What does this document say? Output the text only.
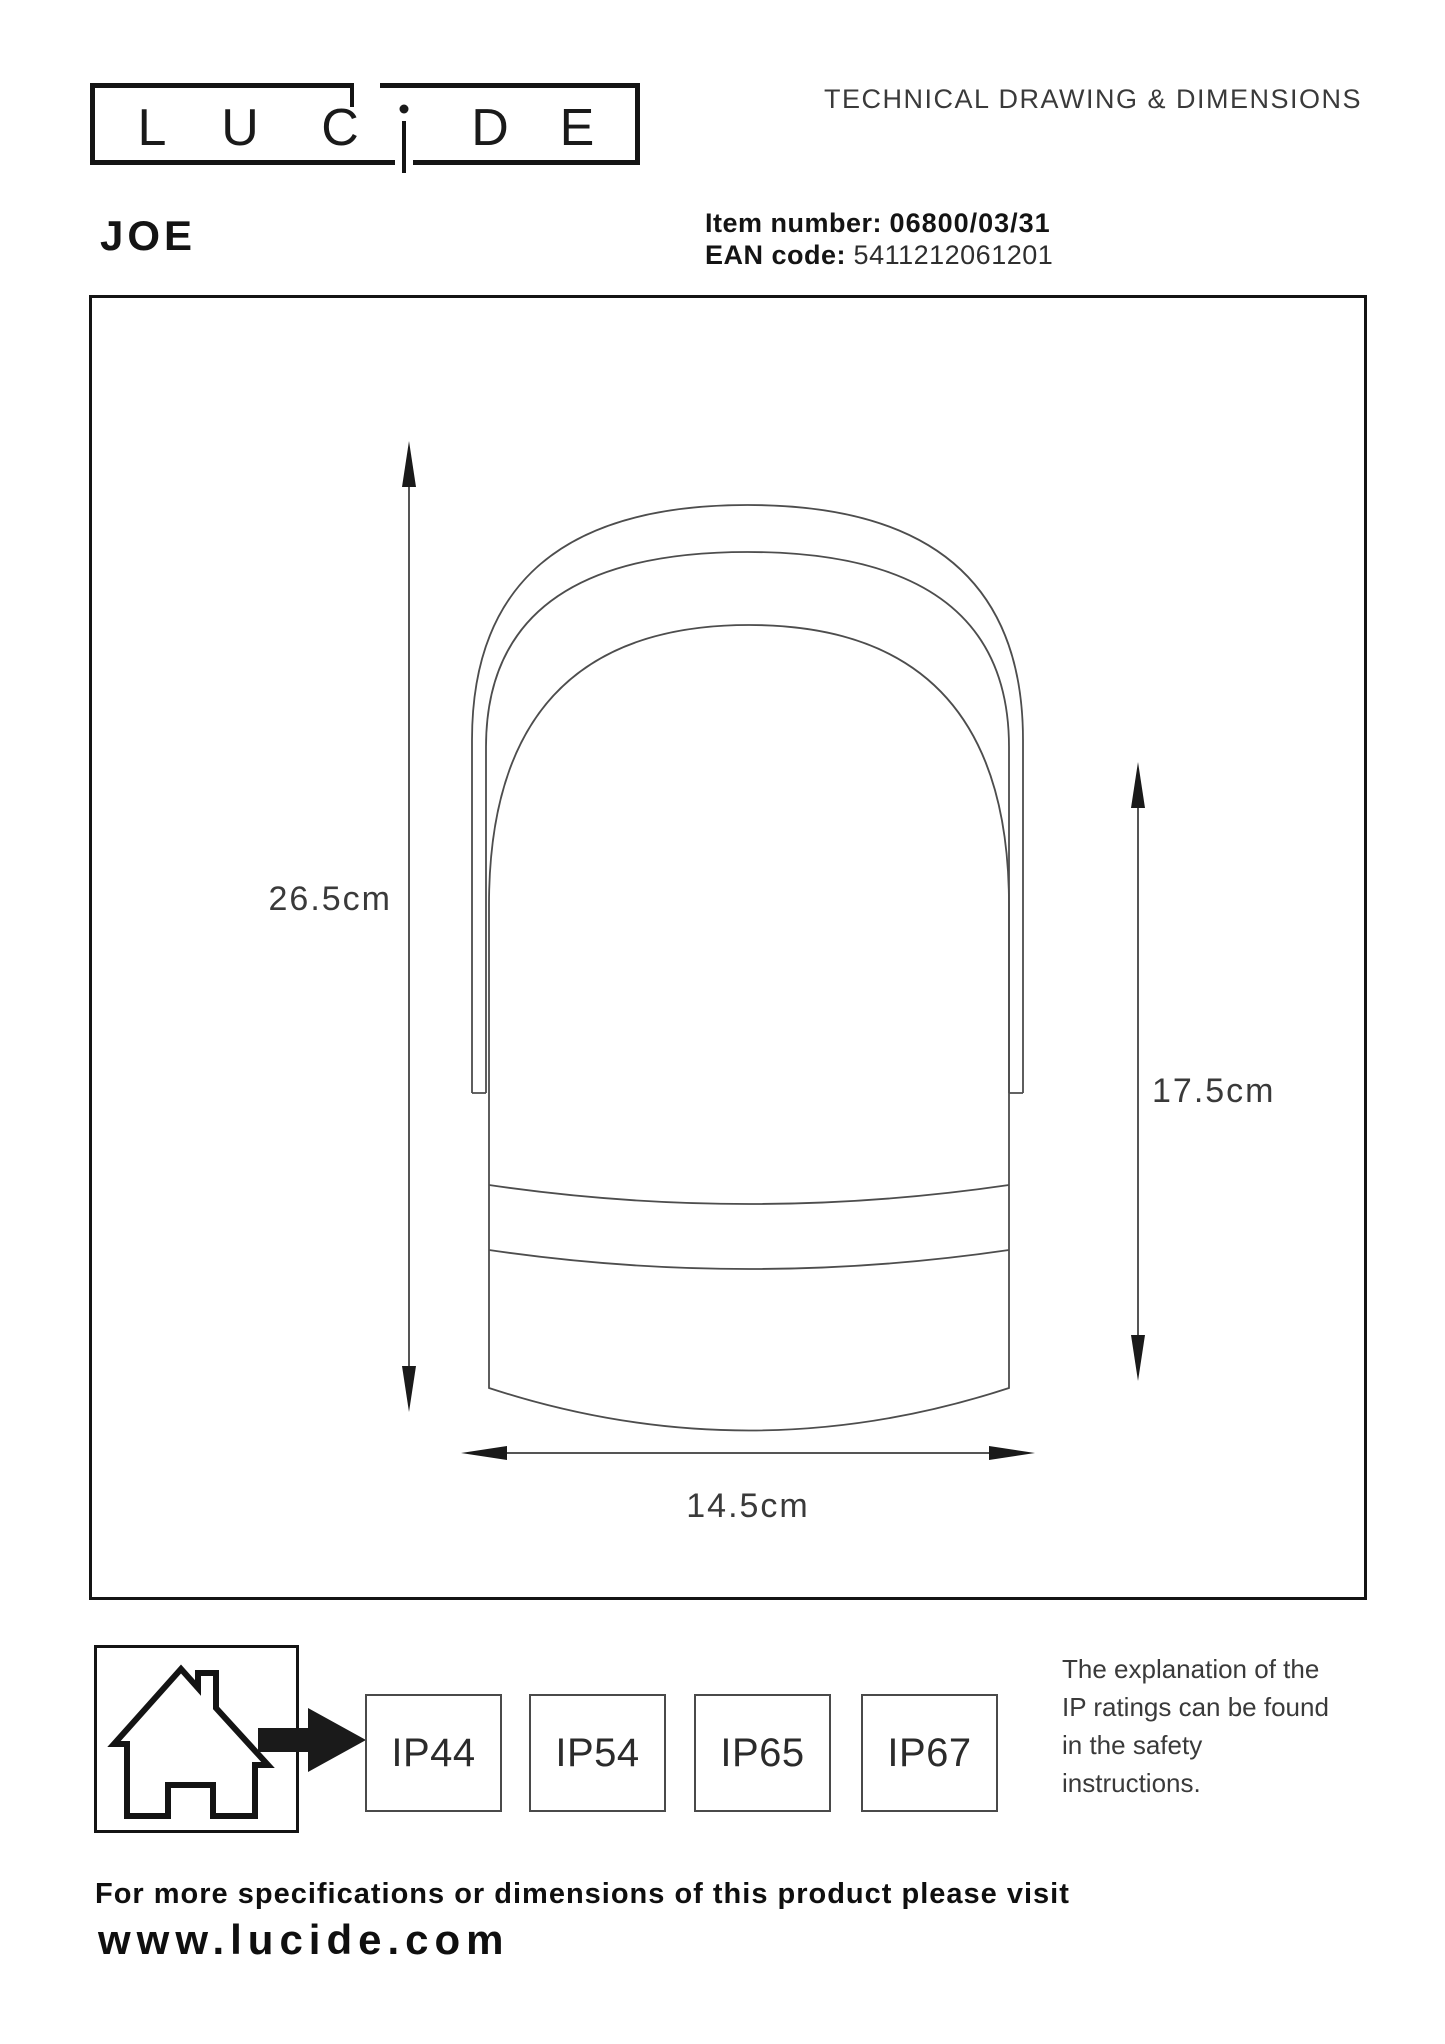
L U C D E	TECHNICAL DRAWING & DIMENSIONS
JOE	Item number: 06800/03/31
EAN code: 5411212061201
26.5cm
17.5cm
14.5cm
IP44 IP54 IP65 IP67
The explanation of the
IP ratings can be found
in the safety
instructions.
For more specifications or dimensions of this product please visit
www.lucide.com
